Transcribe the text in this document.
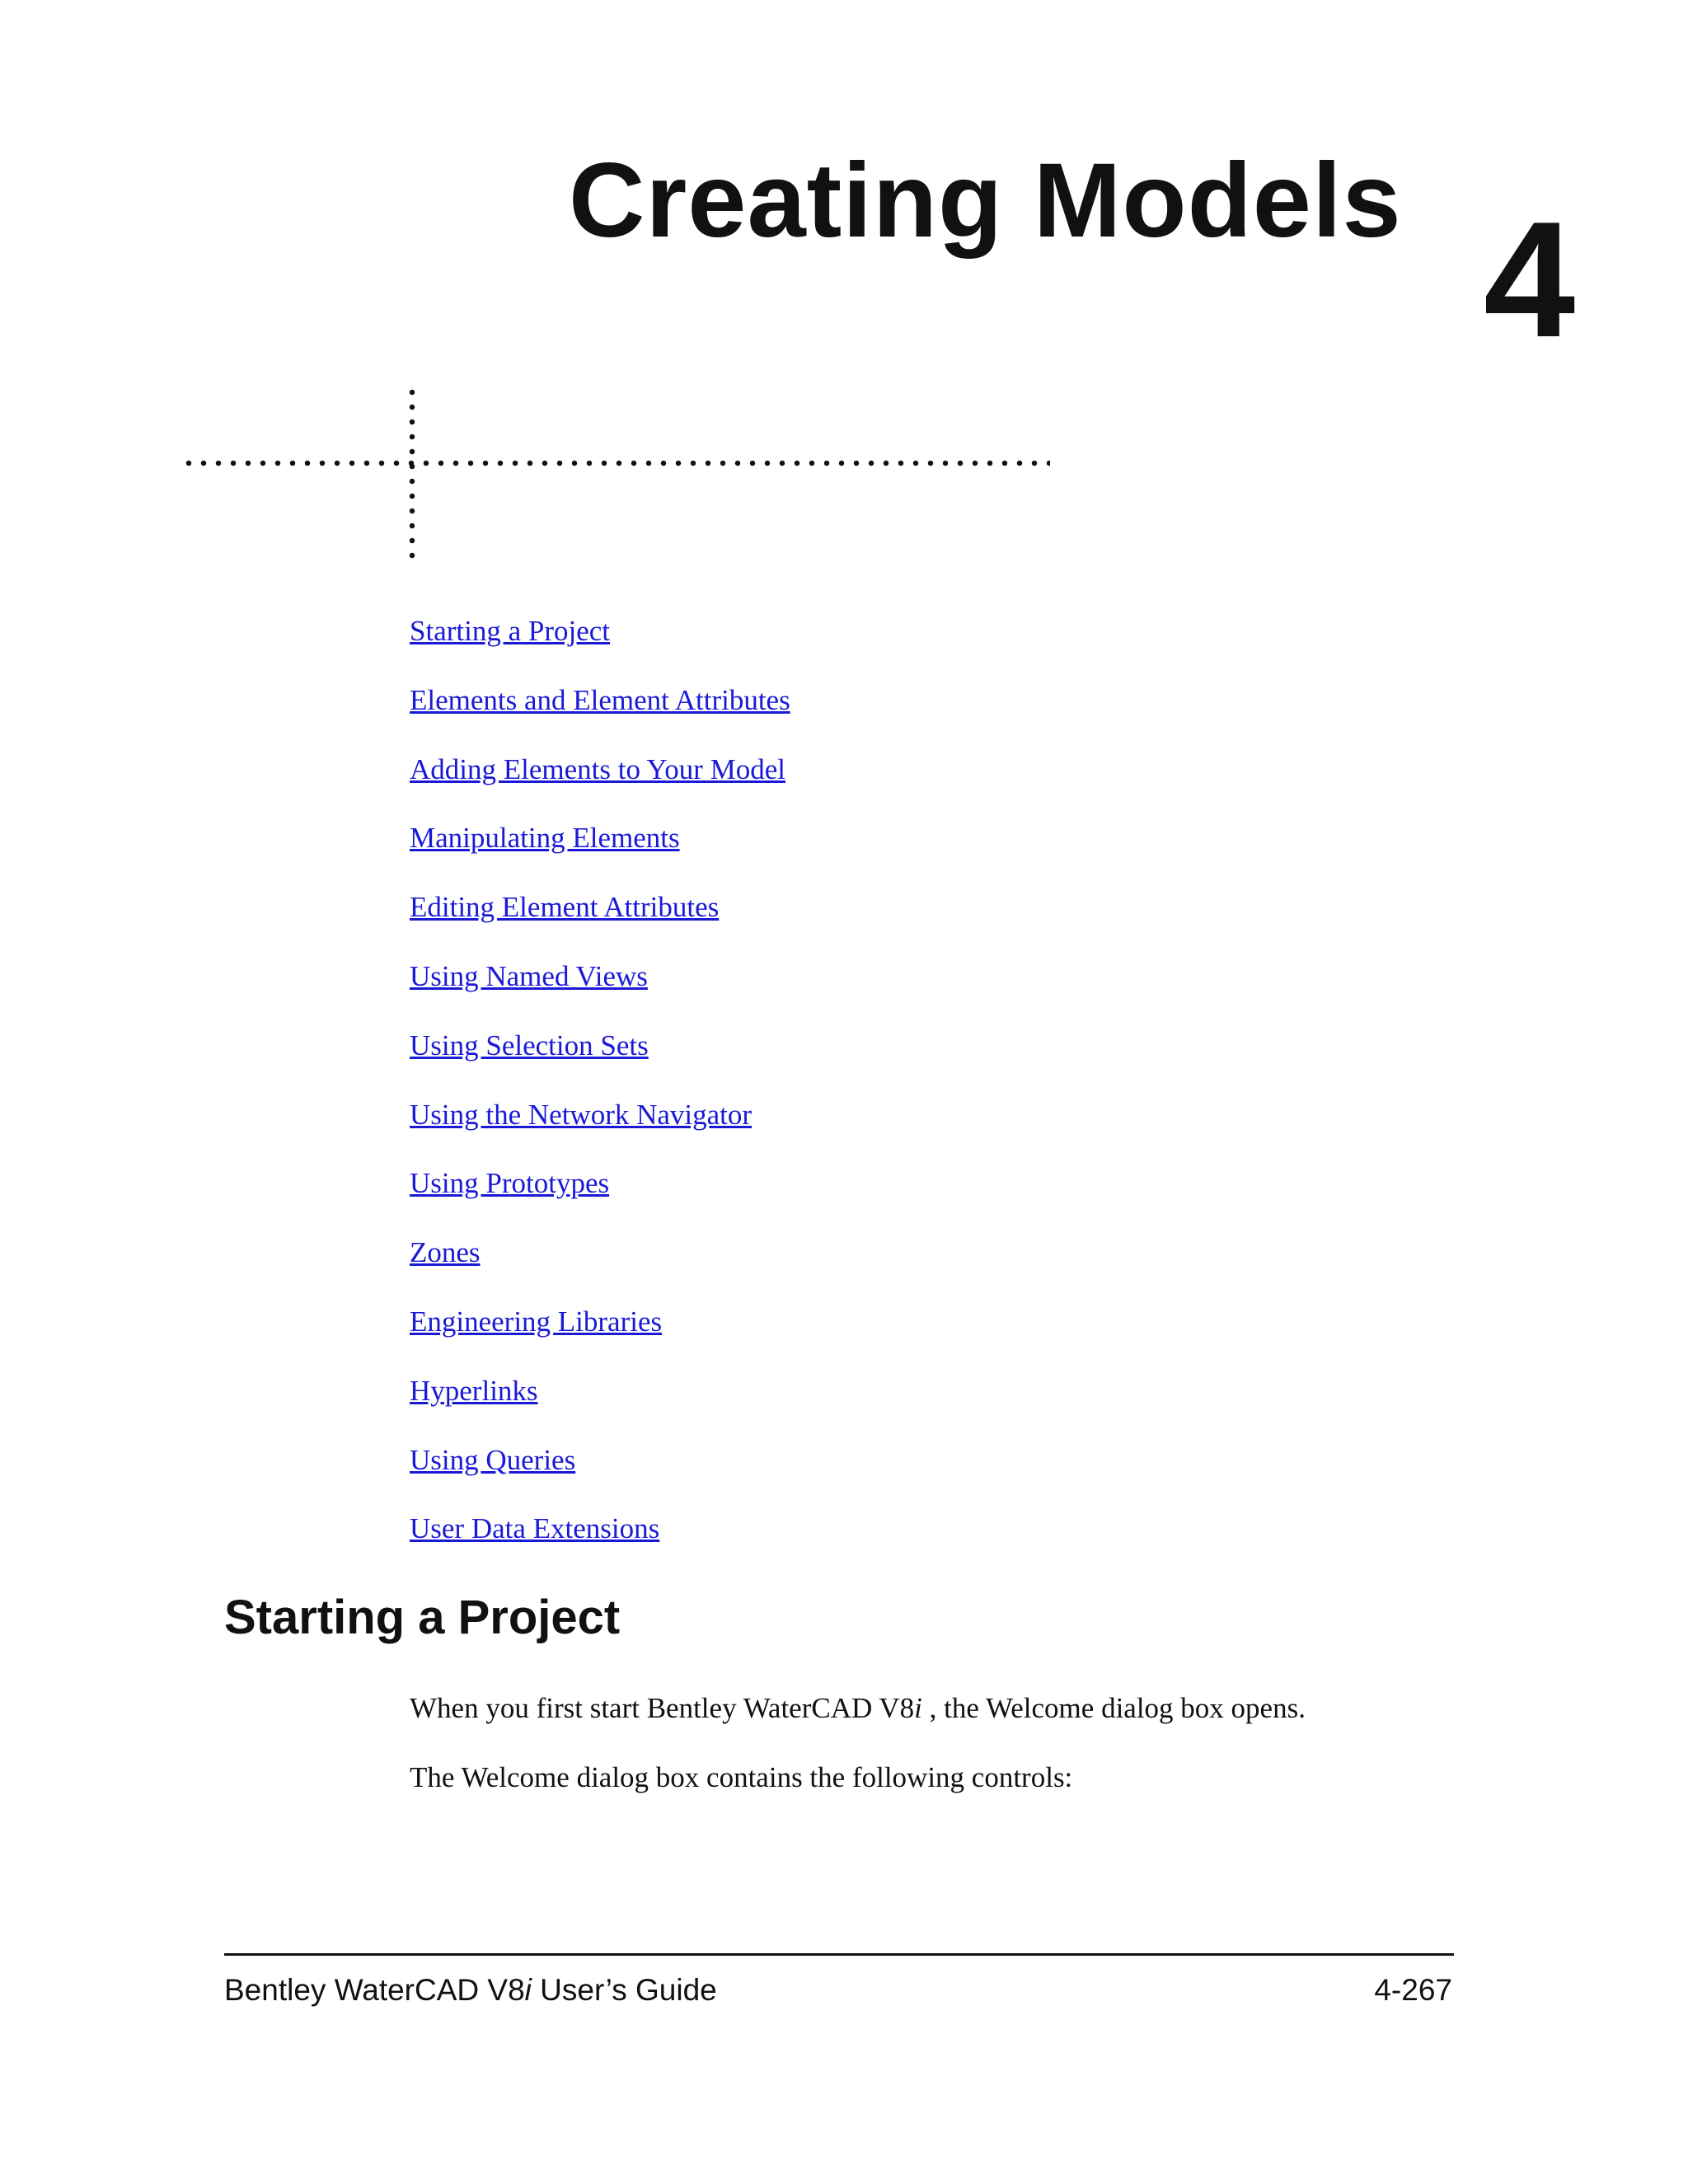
Creating Models 4
Starting a Project
Elements and Element Attributes
Adding Elements to Your Model
Manipulating Elements
Editing Element Attributes
Using Named Views
Using Selection Sets
Using the Network Navigator
Using Prototypes
Zones
Engineering Libraries
Hyperlinks
Using Queries
User Data Extensions
Starting a Project

When you first start Bentley WaterCAD V8i , the Welcome dialog box opens.

The Welcome dialog box contains the following controls:

Bentley WaterCAD V8i User’s Guide	4-267
